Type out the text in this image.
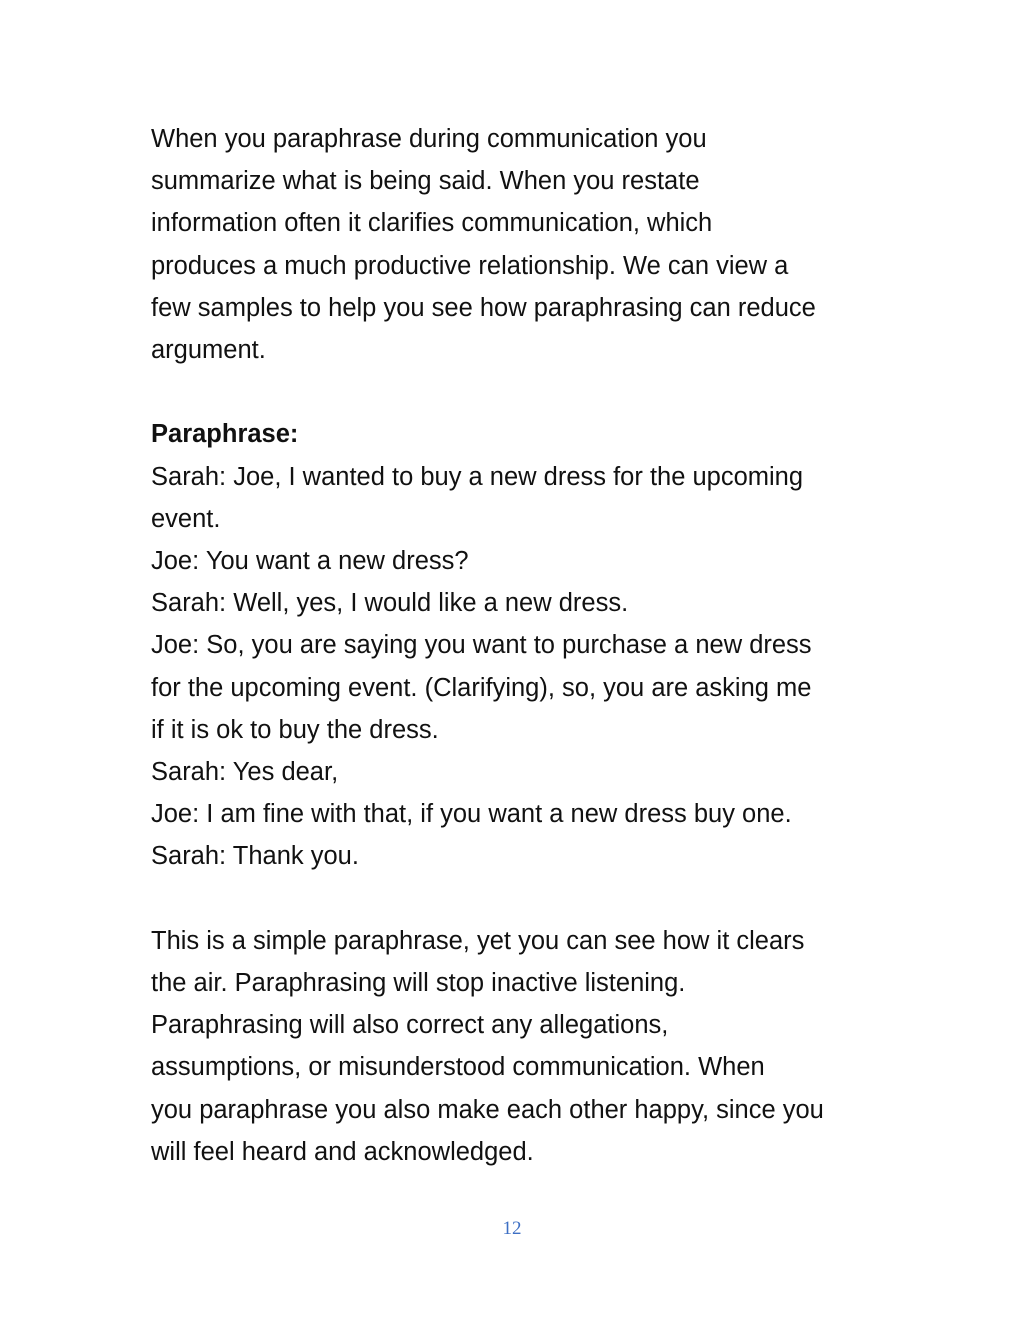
When you paraphrase during communication you

summarize what is being said. When you restate

information often it clarifies communication, which

produces a much productive relationship. We can view a

few samples to help you see how paraphrasing can reduce

argument.

Paraphrase:

Sarah: Joe, I wanted to buy a new dress for the upcoming

event.

Joe: You want a new dress?

Sarah: Well, yes, I would like a new dress.

Joe: So, you are saying you want to purchase a new dress

for the upcoming event. (Clarifying), so, you are asking me

if it is ok to buy the dress.

Sarah: Yes dear,

Joe: I am fine with that, if you want a new dress buy one.

Sarah: Thank you.

This is a simple paraphrase, yet you can see how it clears

the air. Paraphrasing will stop inactive listening.

Paraphrasing will also correct any allegations,

assumptions, or misunderstood communication. When

you paraphrase you also make each other happy, since you

will feel heard and acknowledged.

12
